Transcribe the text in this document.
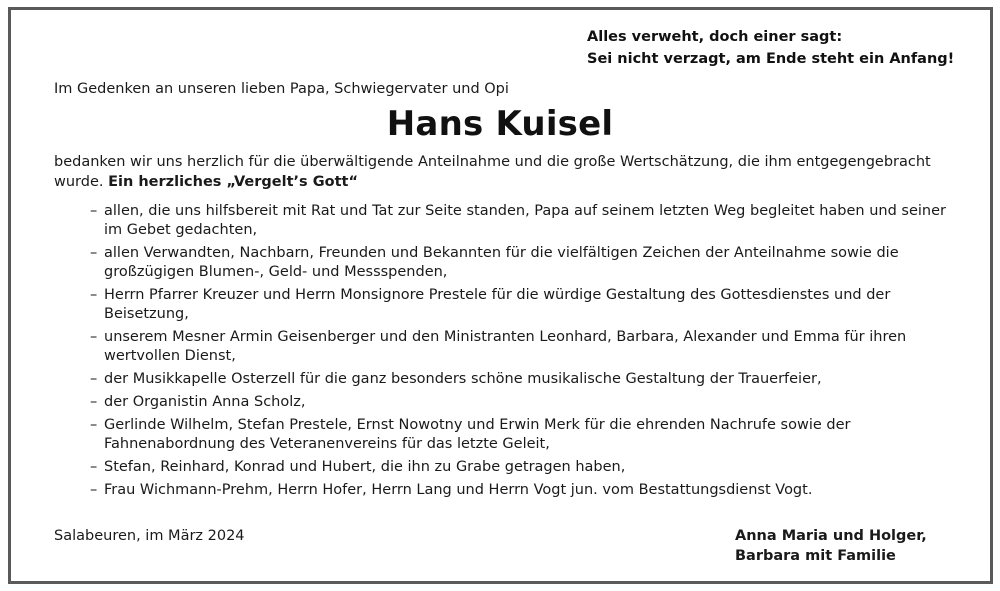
Alles verweht, doch einer sagt:
Sei nicht verzagt, am Ende steht ein Anfang!
Im Gedenken an unseren lieben Papa, Schwiegervater und Opi
Hans Kuisel
bedanken wir uns herzlich für die überwältigende Anteilnahme und die große Wertschätzung, die ihm entgegengebracht wurde. Ein herzliches „Vergelt’s Gott“
– allen, die uns hilfsbereit mit Rat und Tat zur Seite standen, Papa auf seinem letzten Weg begleitet haben und seiner im Gebet gedachten,
– allen Verwandten, Nachbarn, Freunden und Bekannten für die vielfältigen Zeichen der Anteilnahme sowie die großzügigen Blumen-, Geld- und Messspenden,
– Herrn Pfarrer Kreuzer und Herrn Monsignore Prestele für die würdige Gestaltung des Gottesdienstes und der Beisetzung,
– unserem Mesner Armin Geisenberger und den Ministranten Leonhard, Barbara, Alexander und Emma für ihren wertvollen Dienst,
– der Musikkapelle Osterzell für die ganz besonders schöne musikalische Gestaltung der Trauerfeier,
– der Organistin Anna Scholz,
– Gerlinde Wilhelm, Stefan Prestele, Ernst Nowotny und Erwin Merk für die ehrenden Nachrufe sowie der Fahnenabordnung des Veteranenvereins für das letzte Geleit,
– Stefan, Reinhard, Konrad und Hubert, die ihn zu Grabe getragen haben,
– Frau Wichmann-Prehm, Herrn Hofer, Herrn Lang und Herrn Vogt jun. vom Bestattungsdienst Vogt.
Salabeuren, im März 2024	Anna Maria und Holger,
Barbara mit Familie
